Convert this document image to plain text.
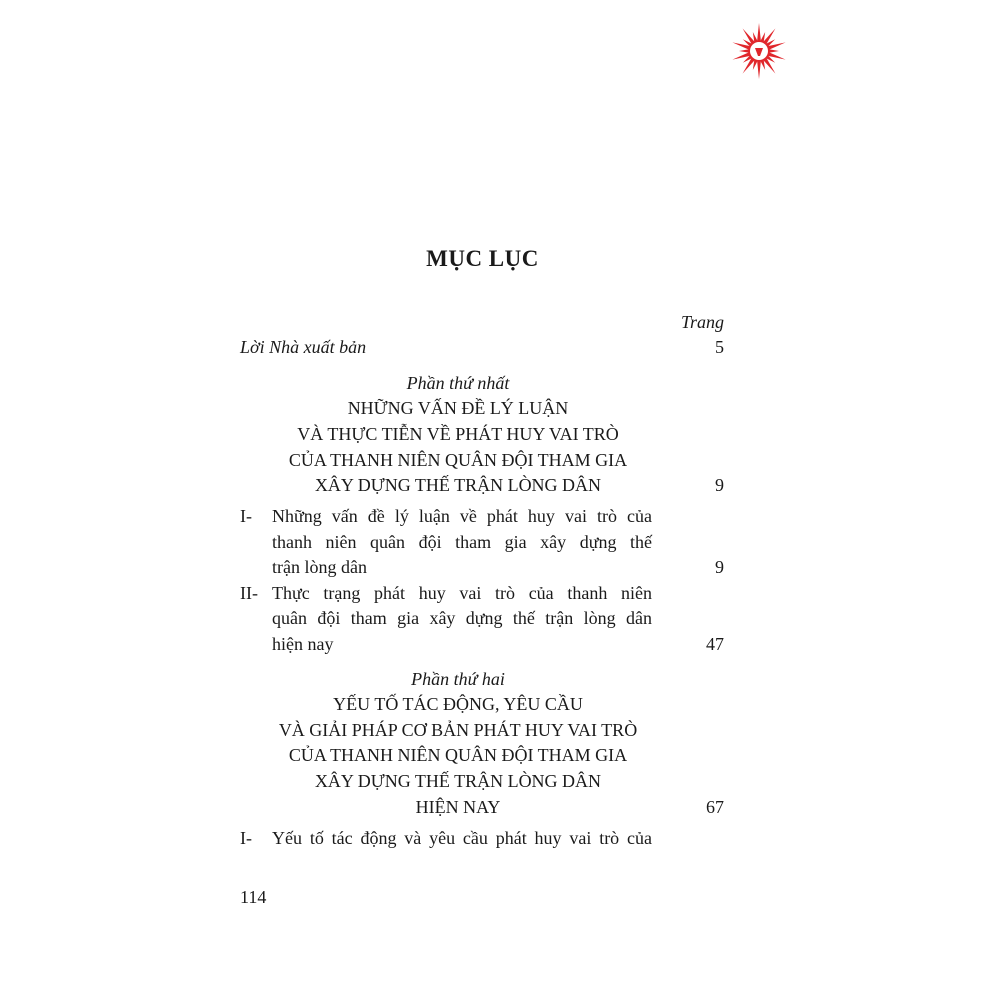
MỤC LỤC
Trang
Lời Nhà xuất bản	5
Phần thứ nhất
NHỮNG VẤN ĐỀ LÝ LUẬN
VÀ THỰC TIỄN VỀ PHÁT HUY VAI TRÒ
CỦA THANH NIÊN QUÂN ĐỘI THAM GIA
XÂY DỰNG THẾ TRẬN LÒNG DÂN	9
I- Những vấn đề lý luận về phát huy vai trò của
thanh niên quân đội tham gia xây dựng thế
trận lòng dân	9
II- Thực trạng phát huy vai trò của thanh niên
quân đội tham gia xây dựng thế trận lòng dân
hiện nay	47
Phần thứ hai
YẾU TỐ TÁC ĐỘNG, YÊU CẦU
VÀ GIẢI PHÁP CƠ BẢN PHÁT HUY VAI TRÒ
CỦA THANH NIÊN QUÂN ĐỘI THAM GIA
XÂY DỰNG THẾ TRẬN LÒNG DÂN
HIỆN NAY	67
I- Yếu tố tác động và yêu cầu phát huy vai trò của
114
